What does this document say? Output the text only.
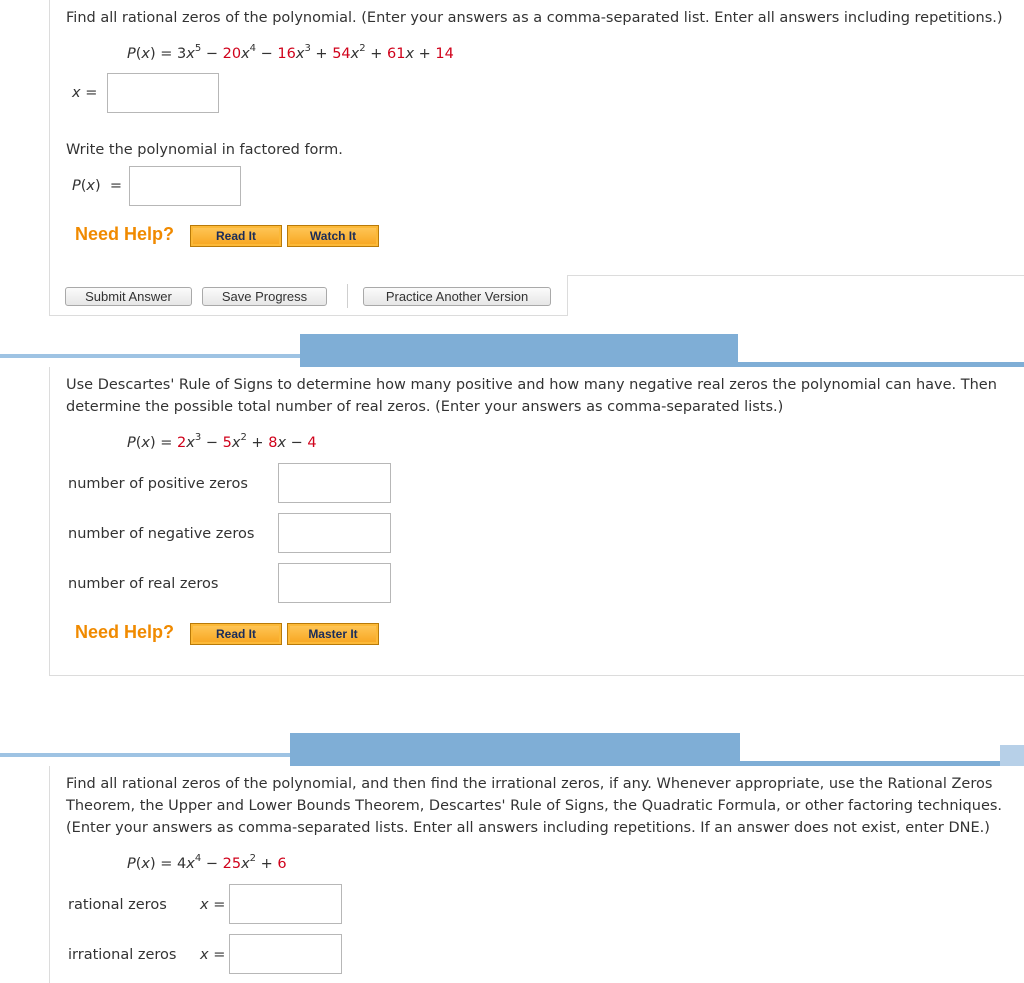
Find all rational zeros of the polynomial. (Enter your answers as a comma-separated list. Enter all answers including repetitions.)
$P(x) = 3x^5 - 20x^4 - 16x^3 + 54x^2 + 61x + 14$
x =
Write the polynomial in factored form.
P(x)  =
Need Help?	Read It	Watch It
Submit Answer	Save Progress	Practice Another Version
Use Descartes' Rule of Signs to determine how many positive and how many negative real zeros the polynomial can have. Then
determine the possible total number of real zeros. (Enter your answers as comma-separated lists.)
$P(x) = 2x^3 - 5x^2 + 8x - 4$
number of positive zeros
number of negative zeros
number of real zeros
Need Help?	Read It	Master It
Find all rational zeros of the polynomial, and then find the irrational zeros, if any. Whenever appropriate, use the Rational Zeros
Theorem, the Upper and Lower Bounds Theorem, Descartes' Rule of Signs, the Quadratic Formula, or other factoring techniques.
(Enter your answers as comma-separated lists. Enter all answers including repetitions. If an answer does not exist, enter DNE.)
$P(x) = 4x^4 - 25x^2 + 6$
rational zeros x =
irrational zeros x =
